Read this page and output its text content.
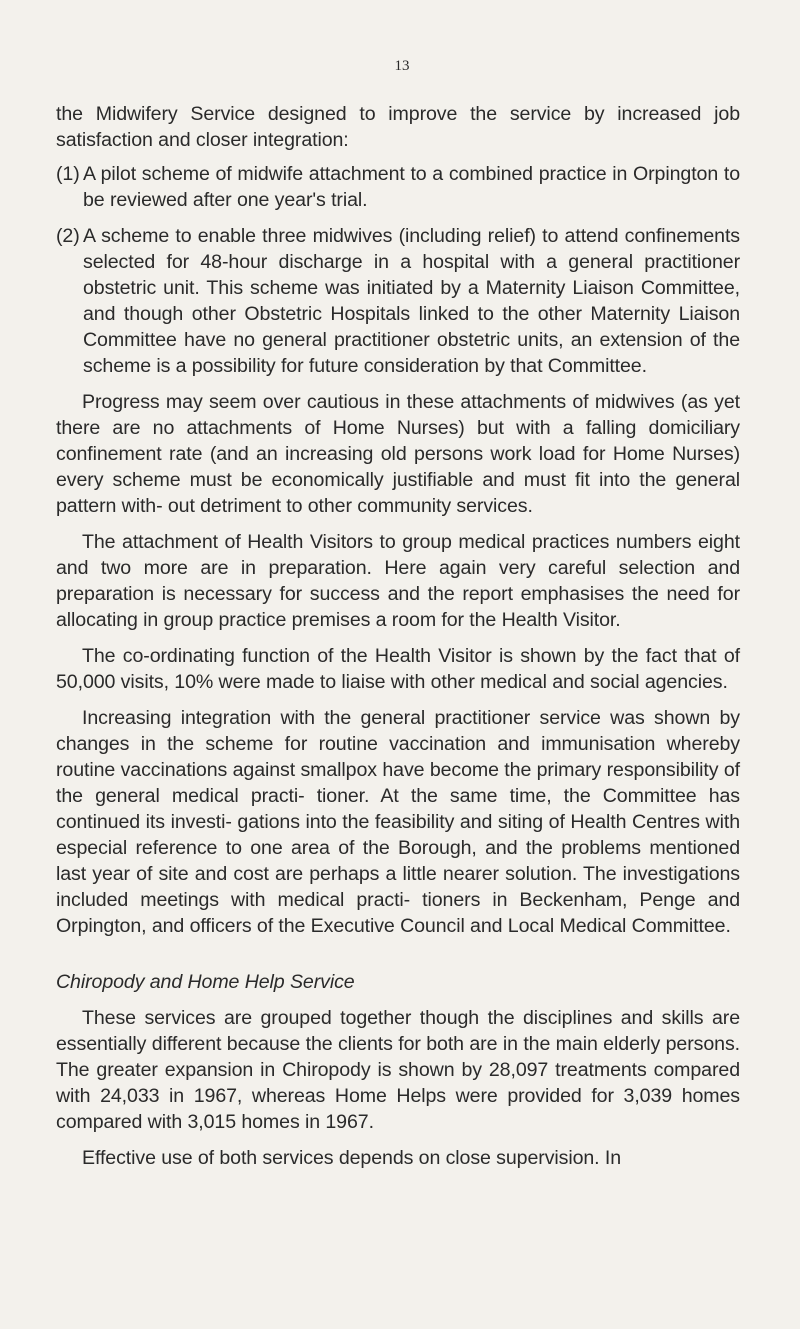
13

the Midwifery Service designed to improve the service by increased job satisfaction and closer integration:

(1) A pilot scheme of midwife attachment to a combined practice in Orpington to be reviewed after one year's trial.
(2) A scheme to enable three midwives (including relief) to attend confinements selected for 48-hour discharge in a hospital with a general practitioner obstetric unit. This scheme was initiated by a Maternity Liaison Committee, and though other Obstetric Hospitals linked to the other Maternity Liaison Committee have no general practitioner obstetric units, an extension of the scheme is a possibility for future consideration by that Committee.

Progress may seem over cautious in these attachments of midwives (as yet there are no attachments of Home Nurses) but with a falling domiciliary confinement rate (and an increasing old persons work load for Home Nurses) every scheme must be economically justifiable and must fit into the general pattern with- out detriment to other community services.

The attachment of Health Visitors to group medical practices numbers eight and two more are in preparation. Here again very careful selection and preparation is necessary for success and the report emphasises the need for allocating in group practice premises a room for the Health Visitor.

The co-ordinating function of the Health Visitor is shown by the fact that of 50,000 visits, 10% were made to liaise with other medical and social agencies.

Increasing integration with the general practitioner service was shown by changes in the scheme for routine vaccination and immunisation whereby routine vaccinations against smallpox have become the primary responsibility of the general medical practi- tioner. At the same time, the Committee has continued its investi- gations into the feasibility and siting of Health Centres with especial reference to one area of the Borough, and the problems mentioned last year of site and cost are perhaps a little nearer solution. The investigations included meetings with medical practi- tioners in Beckenham, Penge and Orpington, and officers of the Executive Council and Local Medical Committee.

Chiropody and Home Help Service

These services are grouped together though the disciplines and skills are essentially different because the clients for both are in the main elderly persons. The greater expansion in Chiropody is shown by 28,097 treatments compared with 24,033 in 1967, whereas Home Helps were provided for 3,039 homes compared with 3,015 homes in 1967.

Effective use of both services depends on close supervision. In
